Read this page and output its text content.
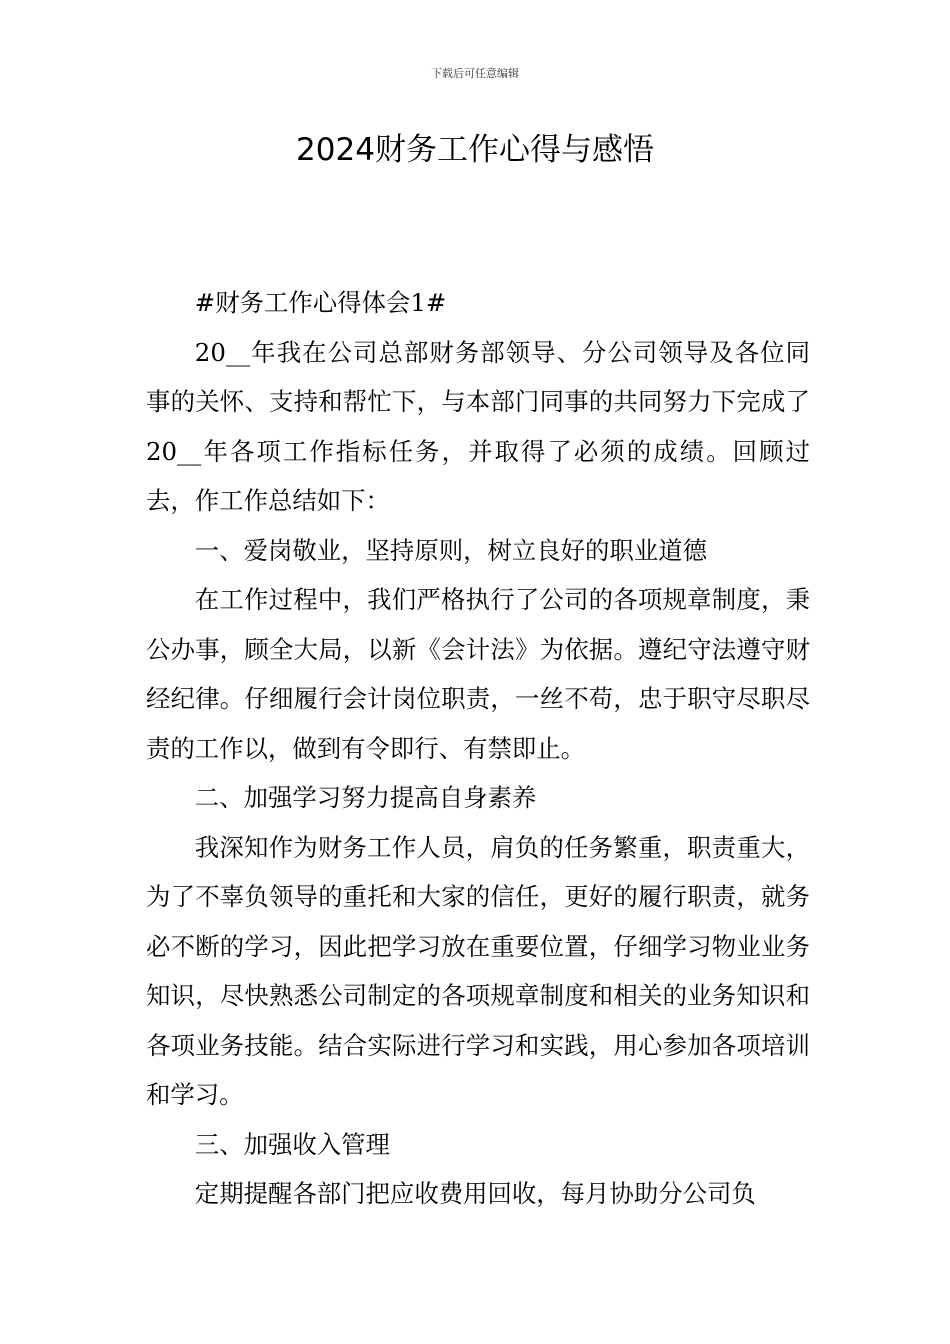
下载后可任意编辑
2024财务工作心得与感悟

#财务工作心得体会1#

20__年我在公司总部财务部领导、分公司领导及各位同事的关怀、支持和帮忙下，与本部门同事的共同努力下完成了20__年各项工作指标任务，并取得了必须的成绩。回顾过去，作工作总结如下：

一、爱岗敬业，坚持原则，树立良好的职业道德

在工作过程中，我们严格执行了公司的各项规章制度，秉公办事，顾全大局，以新《会计法》为依据。遵纪守法遵守财经纪律。仔细履行会计岗位职责，一丝不苟，忠于职守尽职尽责的工作以，做到有令即行、有禁即止。

二、加强学习努力提高自身素养

我深知作为财务工作人员，肩负的任务繁重，职责重大，为了不辜负领导的重托和大家的信任，更好的履行职责，就务必不断的学习，因此把学习放在重要位置，仔细学习物业业务知识，尽快熟悉公司制定的各项规章制度和相关的业务知识和各项业务技能。结合实际进行学习和实践，用心参加各项培训和学习。

三、加强收入管理

定期提醒各部门把应收费用回收，每月协助分公司负
